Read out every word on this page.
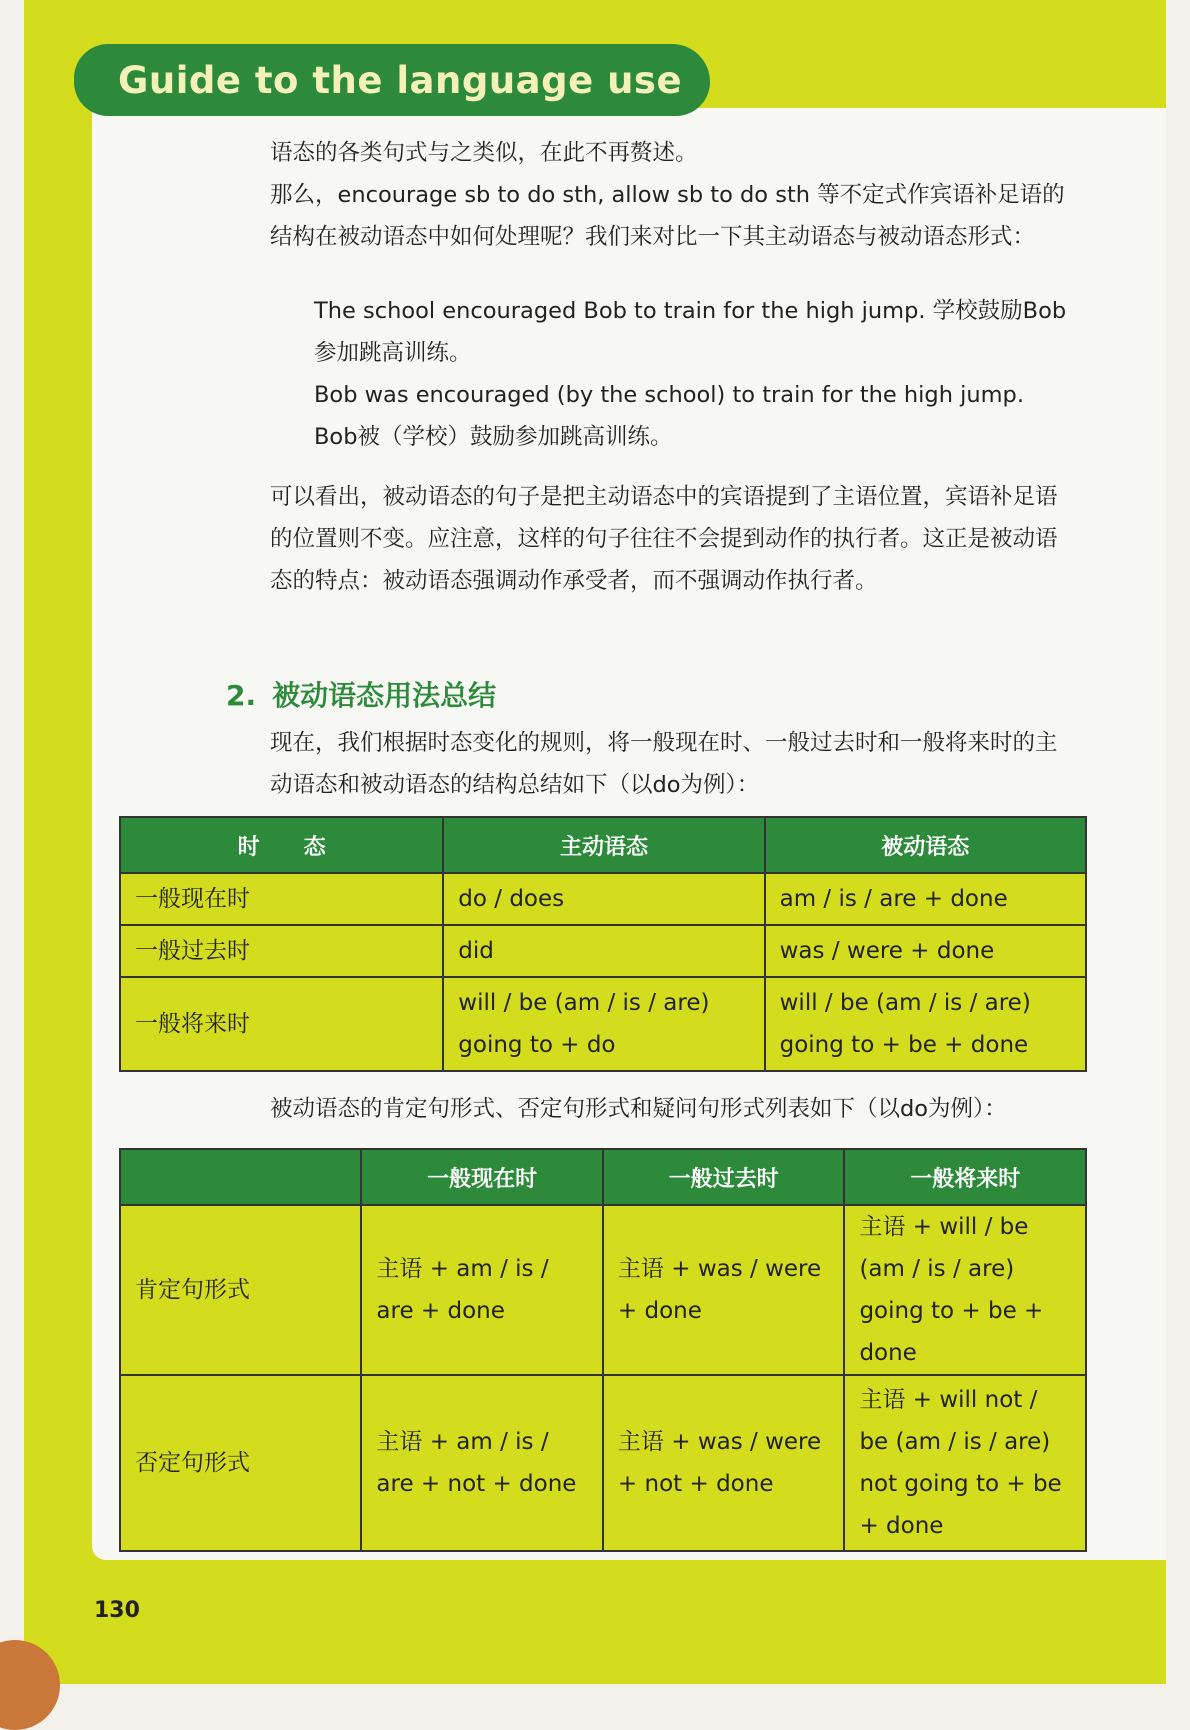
Guide to the language use
语态的各类句式与之类似，在此不再赘述。
那么，encourage sb to do sth, allow sb to do sth 等不定式作宾语补足语的结构在被动语态中如何处理呢？我们来对比一下其主动语态与被动语态形式：
The school encouraged Bob to train for the high jump. 学校鼓励Bob参加跳高训练。
Bob was encouraged (by the school) to train for the high jump.
Bob被（学校）鼓励参加跳高训练。
可以看出，被动语态的句子是把主动语态中的宾语提到了主语位置，宾语补足语的位置则不变。应注意，这样的句子往往不会提到动作的执行者。这正是被动语态的特点：被动语态强调动作承受者，而不强调动作执行者。
2. 被动语态用法总结
现在，我们根据时态变化的规则，将一般现在时、一般过去时和一般将来时的主动语态和被动语态的结构总结如下（以do为例）：
时　　态	主动语态	被动语态
一般现在时	do / does	am / is / are + done
一般过去时	did	was / were + done
一般将来时	will / be (am / is / are) going to + do	will / be (am / is / are) going to + be + done
被动语态的肯定句形式、否定句形式和疑问句形式列表如下（以do为例）：
	一般现在时	一般过去时	一般将来时
肯定句形式	主语 + am / is / are + done	主语 + was / were + done	主语 + will / be (am / is / are) going to + be + done
否定句形式	主语 + am / is / are + not + done	主语 + was / were + not + done	主语 + will not / be (am / is / are) not going to + be + done
130
